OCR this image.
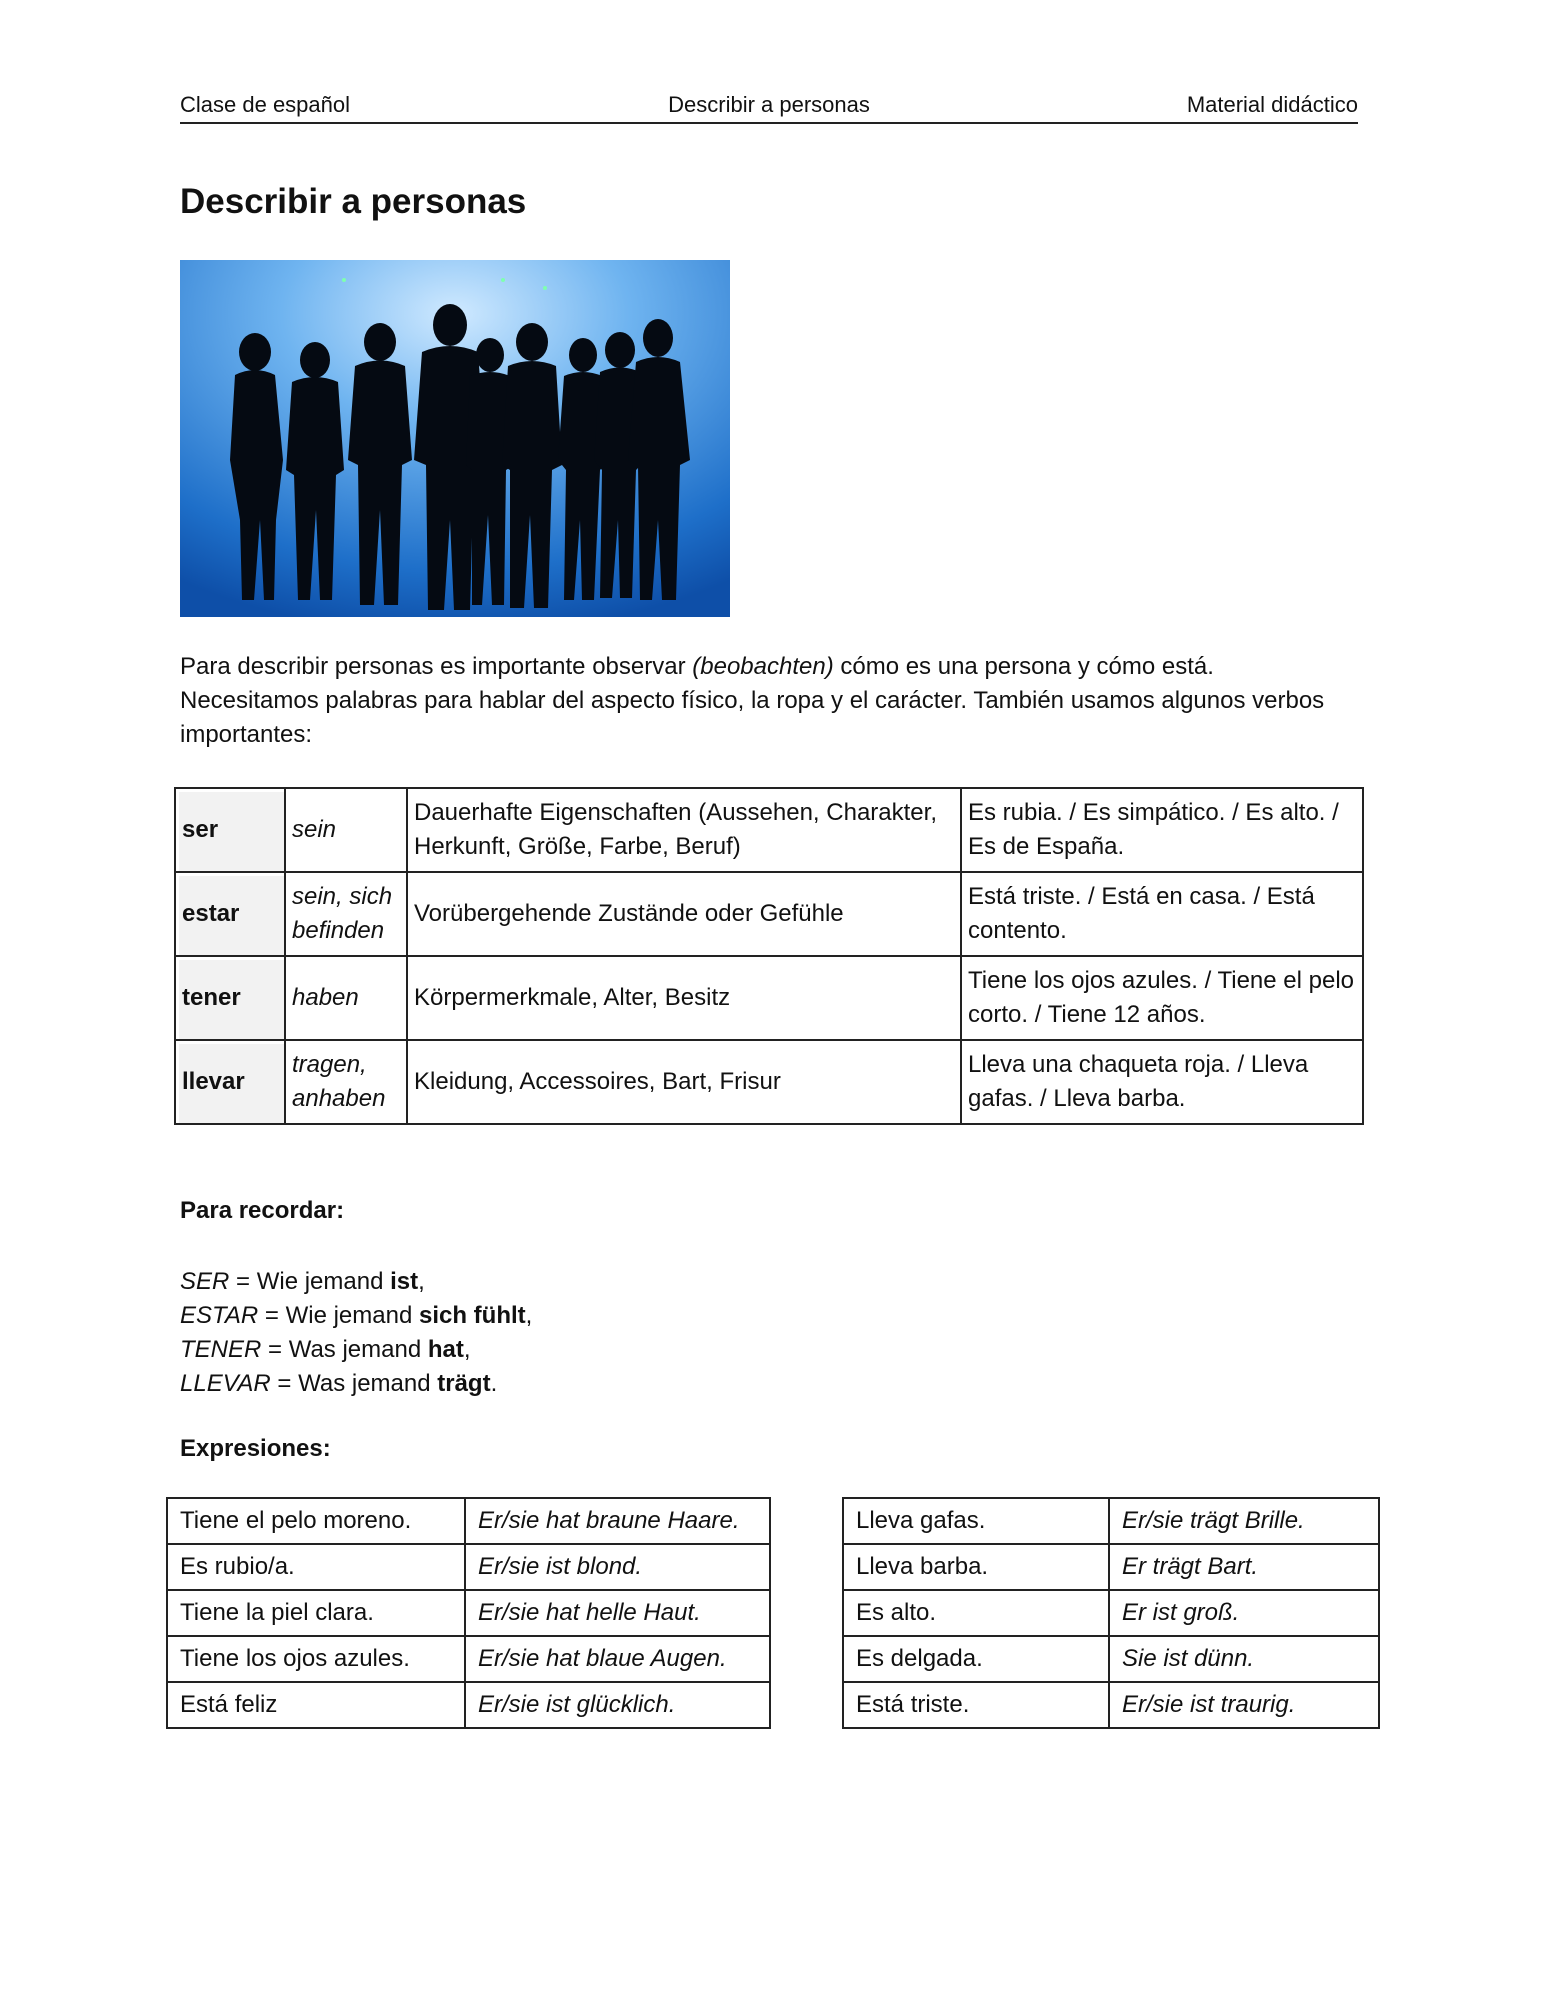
Clase de español	Describir a personas	Material didáctico
Describir a personas

Para describir personas es importante observar (beobachten) cómo es una persona y cómo está. Necesitamos palabras para hablar del aspecto físico, la ropa y el carácter. También usamos algunos verbos importantes:

ser	sein	Dauerhafte Eigenschaften (Aussehen, Charakter, Herkunft, Größe, Farbe, Beruf)	Es rubia. / Es simpático. / Es alto. / Es de España.
estar	sein, sich befinden	Vorübergehende Zustände oder Gefühle	Está triste. / Está en casa. / Está contento.
tener	haben	Körpermerkmale, Alter, Besitz	Tiene los ojos azules. / Tiene el pelo corto. / Tiene 12 años.
llevar	tragen, anhaben	Kleidung, Accessoires, Bart, Frisur	Lleva una chaqueta roja. / Lleva gafas. / Lleva barba.
Para recordar:
SER = Wie jemand ist,
ESTAR = Wie jemand sich fühlt,
TENER = Was jemand hat,
LLEVAR = Was jemand trägt.
Expresiones:
Tiene el pelo moreno.	Er/sie hat braune Haare.
Es rubio/a.	Er/sie ist blond.
Tiene la piel clara.	Er/sie hat helle Haut.
Tiene los ojos azules.	Er/sie hat blaue Augen.
Está feliz	Er/sie ist glücklich.
Lleva gafas.	Er/sie trägt Brille.
Lleva barba.	Er trägt Bart.
Es alto.	Er ist groß.
Es delgada.	Sie ist dünn.
Está triste.	Er/sie ist traurig.
